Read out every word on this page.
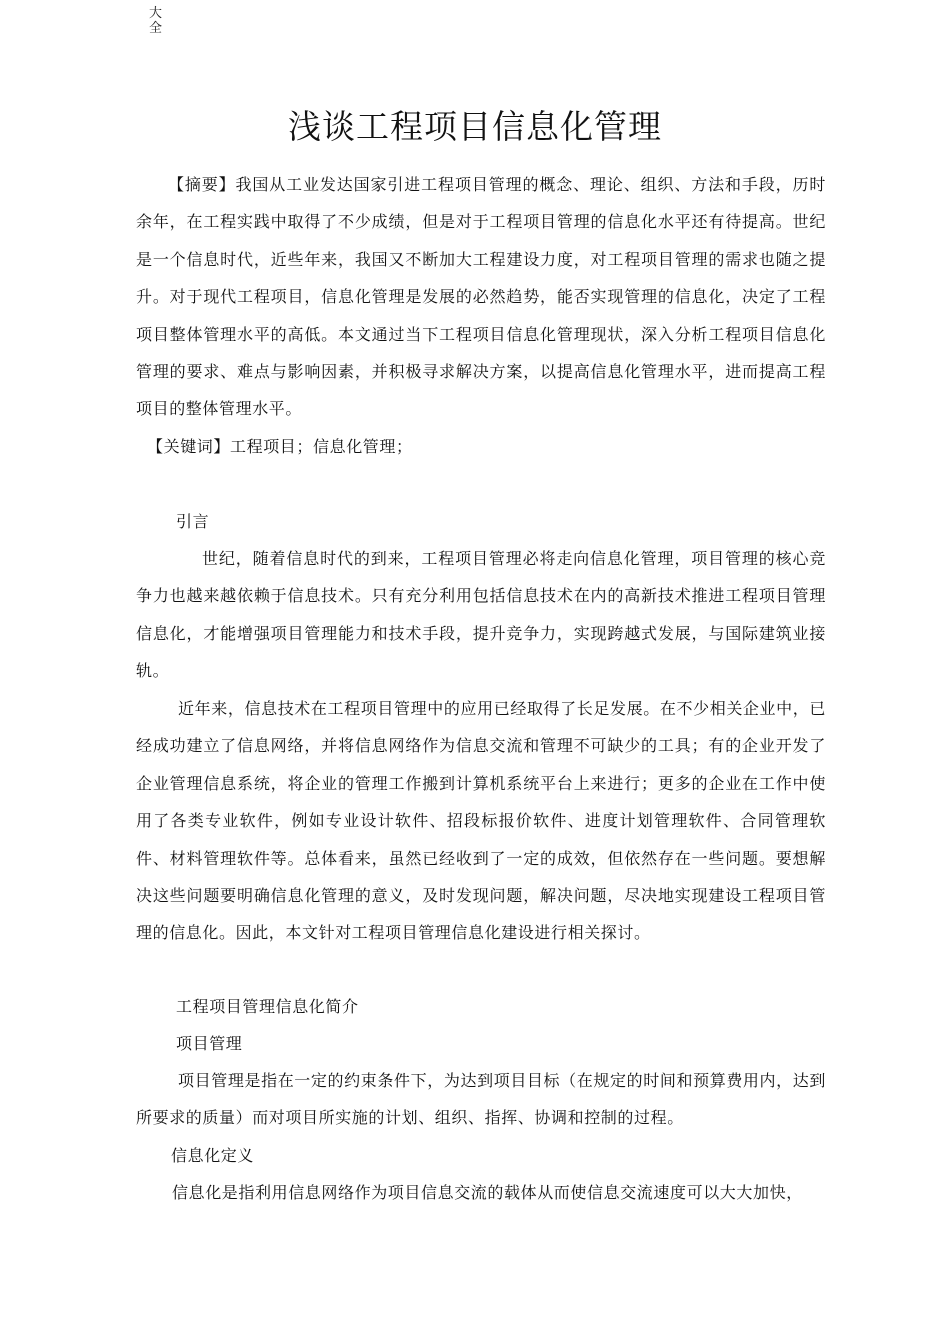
大全
浅谈工程项目信息化管理
【摘要】我国从工业发达国家引进工程项目管理的概念、理论、组织、方法和手段，历时余年，在工程实践中取得了不少成绩，但是对于工程项目管理的信息化水平还有待提高。世纪是一个信息时代，近些年来，我国又不断加大工程建设力度，对工程项目管理的需求也随之提升。对于现代工程项目，信息化管理是发展的必然趋势，能否实现管理的信息化，决定了工程项目整体管理水平的高低。本文通过当下工程项目信息化管理现状，深入分析工程项目信息化管理的要求、难点与影响因素，并积极寻求解决方案，以提高信息化管理水平，进而提高工程项目的整体管理水平。
【关键词】工程项目；信息化管理；
引言
世纪，随着信息时代的到来，工程项目管理必将走向信息化管理，项目管理的核心竞争力也越来越依赖于信息技术。只有充分利用包括信息技术在内的高新技术推进工程项目管理信息化，才能增强项目管理能力和技术手段，提升竞争力，实现跨越式发展，与国际建筑业接轨。
近年来，信息技术在工程项目管理中的应用已经取得了长足发展。在不少相关企业中，已经成功建立了信息网络，并将信息网络作为信息交流和管理不可缺少的工具；有的企业开发了企业管理信息系统，将企业的管理工作搬到计算机系统平台上来进行；更多的企业在工作中使用了各类专业软件，例如专业设计软件、招段标报价软件、进度计划管理软件、合同管理软件、材料管理软件等。总体看来，虽然已经收到了一定的成效，但依然存在一些问题。要想解决这些问题要明确信息化管理的意义，及时发现问题，解决问题，尽决地实现建设工程项目管理的信息化。因此，本文针对工程项目管理信息化建设进行相关探讨。
工程项目管理信息化简介
项目管理
项目管理是指在一定的约束条件下，为达到项目目标（在规定的时间和预算费用内，达到所要求的质量）而对项目所实施的计划、组织、指挥、协调和控制的过程。
信息化定义
信息化是指利用信息网络作为项目信息交流的载体从而使信息交流速度可以大大加快，
